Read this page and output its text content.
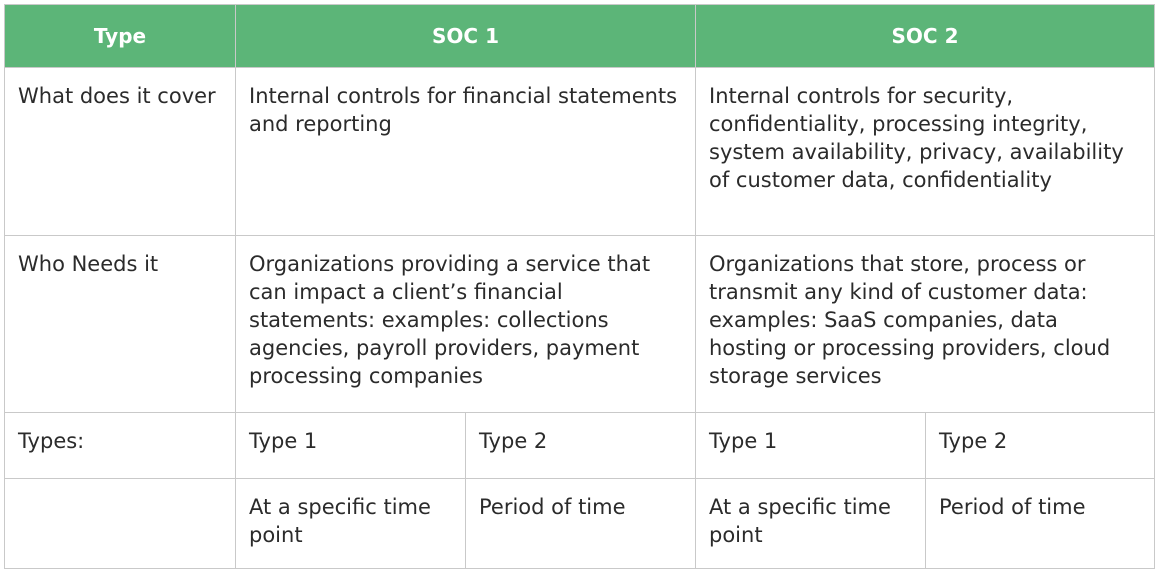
Type	SOC 1		SOC 2	

What does it cover	Internal controls for financial statements and reporting		Internal controls for security, confidentiality, processing integrity, system availability, privacy, availability of customer data, confidentiality	

Who Needs it	Organizations providing a service that can impact a client’s financial statements: examples: collections agencies, payroll providers, payment processing companies		Organizations that store, process or transmit any kind of customer data: examples: SaaS companies, data hosting or processing providers, cloud storage services	

Types:	Type 1	Type 2	Type 1	Type 2

	At a specific time point	Period of time	At a specific time point	Period of time
